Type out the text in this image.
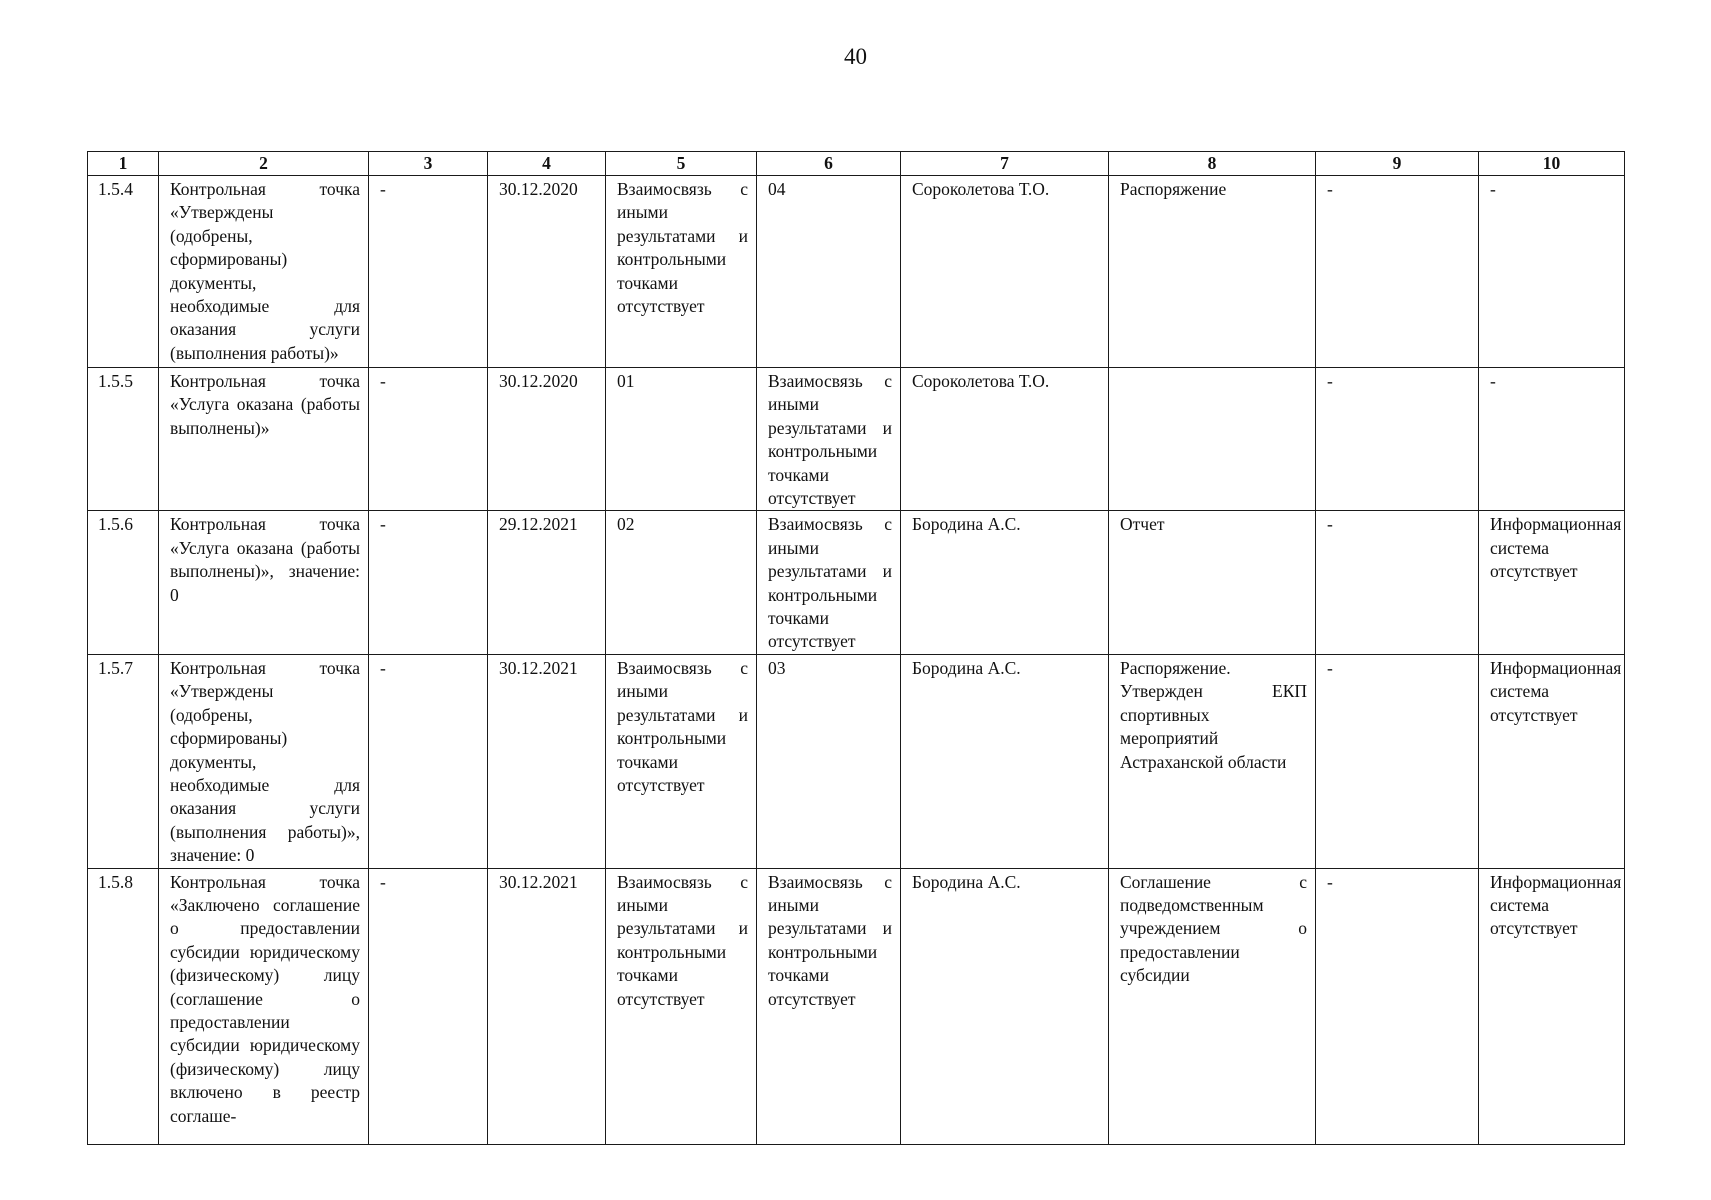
40
1	2	3	4	5	6	7	8	9	10
1.5.4	Контрольная точка «Утверждены (одобрены, сформированы) документы, необходимые для оказания услуги (выполнения работы)»	-	30.12.2020	Взаимосвязь с иными результатами и контрольными точками отсутствует	04	Сороколетова Т.О.	Распоряжение	-	-
1.5.5	Контрольная точка «Услуга оказана (работы выполнены)»	-	30.12.2020	01	Взаимосвязь с иными результатами и контрольными точками отсутствует	Сороколетова Т.О.		-	-
1.5.6	Контрольная точка «Услуга оказана (работы выполнены)», значение: 0	-	29.12.2021	02	Взаимосвязь с иными результатами и контрольными точками отсутствует	Бородина А.С.	Отчет	-	Информационная система отсутствует
1.5.7	Контрольная точка «Утверждены (одобрены, сформированы) документы, необходимые для оказания услуги (выполнения работы)», значение: 0	-	30.12.2021	Взаимосвязь с иными результатами и контрольными точками отсутствует	03	Бородина А.С.	Распоряжение. Утвержден ЕКП спортивных мероприятий Астраханской области	-	Информационная система отсутствует
1.5.8	Контрольная точка «Заключено соглашение о предоставлении субсидии юридическому (физическому) лицу (соглашение о предоставлении субсидии юридическому (физическому) лицу включено в реестр соглаше-	-	30.12.2021	Взаимосвязь с иными результатами и контрольными точками отсутствует	Взаимосвязь с иными результатами и контрольными точками отсутствует	Бородина А.С.	Соглашение с подведомственным учреждением о предоставлении субсидии	-	Информационная система отсутствует
